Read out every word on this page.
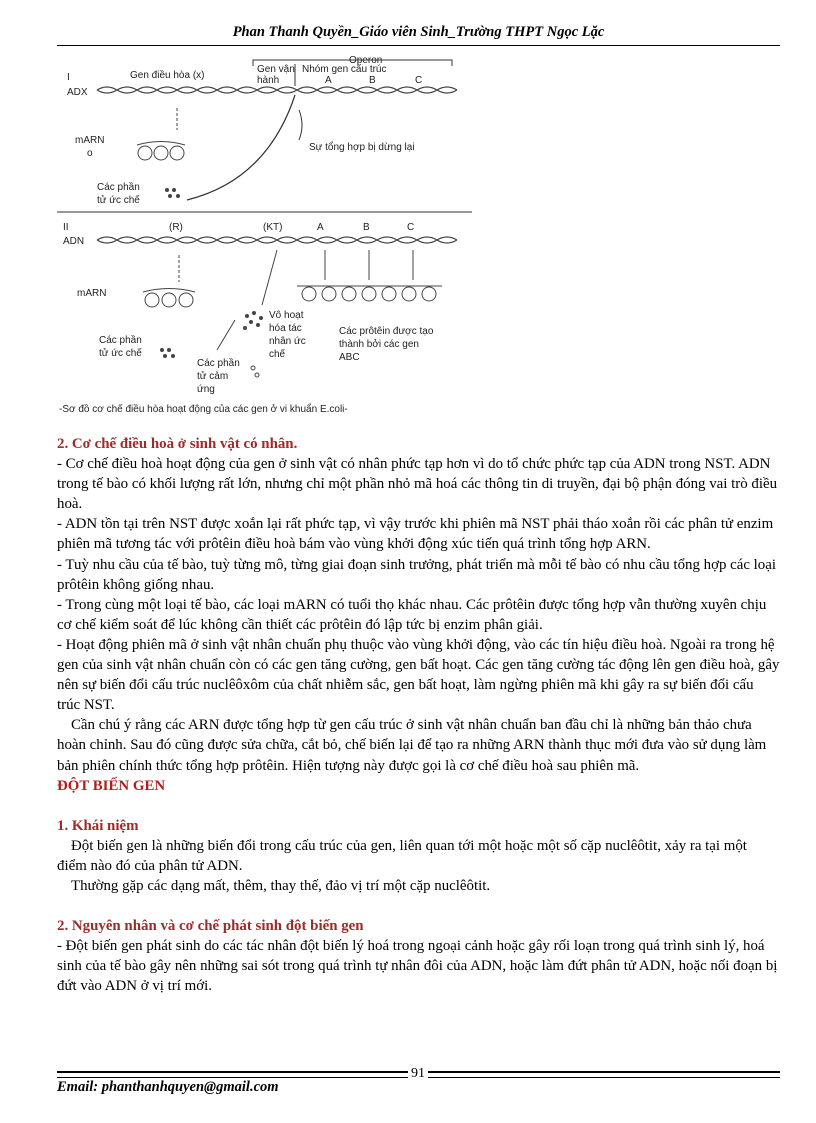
Phan Thanh Quyền_Giáo viên Sinh_Trường THPT Ngọc Lặc
I
ADX
Gen điều hòa (x)
Operon
Gen vận
hành
Nhóm gen cấu trúc
A	B	C
mARN
o
Các phần
tử ức chế
Sự tổng hợp bị dừng lại
II
ADN
(R)	(KT)	A	B	C
mARN
Vô hoạt
hóa tác
nhân ức
chế
Các prôtêin được tạo
thành bởi các gen
ABC
Các phần
tử ức chế
Các phần
tử cảm
ứng
-Sơ đồ cơ chế điều hòa hoạt động của các gen ở vi khuẩn E.coli-

2. Cơ chế điều hoà ở sinh vật có nhân.

- Cơ chế điều hoà hoạt động của gen ở sinh vật có nhân phức tạp hơn vì do tổ chức phức tạp của ADN trong NST. ADN trong tế bào có khối lượng rất lớn, nhưng chỉ một phần nhỏ mã hoá các thông tin di truyền, đại bộ phận đóng vai trò điều hoà.

- ADN tồn tại trên NST được xoắn lại rất phức tạp, vì vậy trước khi phiên mã NST phải tháo xoắn rồi các phân tử enzim phiên mã tương tác với prôtêin điều hoà bám vào vùng khởi động xúc tiến quá trình tổng hợp ARN.

- Tuỳ nhu cầu của tế bào, tuỳ từng mô, từng giai đoạn sinh trưởng, phát triển mà mỗi tế bào có nhu cầu tổng hợp các loại prôtêin không giống nhau.

- Trong cùng một loại tế bào, các loại mARN có tuổi thọ khác nhau. Các prôtêin được tổng hợp vẫn thường xuyên chịu cơ chế kiểm soát để lúc không cần thiết các prôtêin đó lập tức bị enzim phân giải.

- Hoạt động phiên mã ở sinh vật nhân chuẩn phụ thuộc vào vùng khởi động, vào các tín hiệu điều hoà. Ngoài ra trong hệ gen của sinh vật nhân chuẩn còn có các gen tăng cường, gen bất hoạt. Các gen tăng cường tác động lên gen điều hoà, gây nên sự biến đổi cấu trúc nuclêôxôm của chất nhiễm sắc, gen bất hoạt, làm ngừng phiên mã khi gây ra sự biến đổi cấu trúc NST.

Cần chú ý rằng các ARN được tổng hợp từ gen cấu trúc ở sinh vật nhân chuẩn ban đầu chỉ là những bản thảo chưa hoàn chỉnh. Sau đó cũng được sửa chữa, cắt bỏ, chế biến lại để tạo ra những ARN thành thục mới đưa vào sử dụng làm bản phiên chính thức tổng hợp prôtêin. Hiện tượng này được gọi là cơ chế điều hoà sau phiên mã.

ĐỘT BIẾN GEN

1. Khái niệm

Đột biến gen là những biến đổi trong cấu trúc của gen, liên quan tới một hoặc một số cặp nuclêôtit, xảy ra tại một điểm nào đó của phân tử ADN.

Thường gặp các dạng mất, thêm, thay thế, đảo vị trí một cặp nuclêôtit.

2. Nguyên nhân và cơ chế phát sinh đột biến gen

- Đột biến gen phát sinh do các tác nhân đột biến lý hoá trong ngoại cảnh hoặc gây rối loạn trong quá trình sinh lý, hoá sinh của tế bào gây nên những sai sót trong quá trình tự nhân đôi của ADN, hoặc làm đứt phân tử ADN, hoặc nối đoạn bị đứt vào ADN ở vị trí mới.

91
Email: phanthanhquyen@gmail.com
